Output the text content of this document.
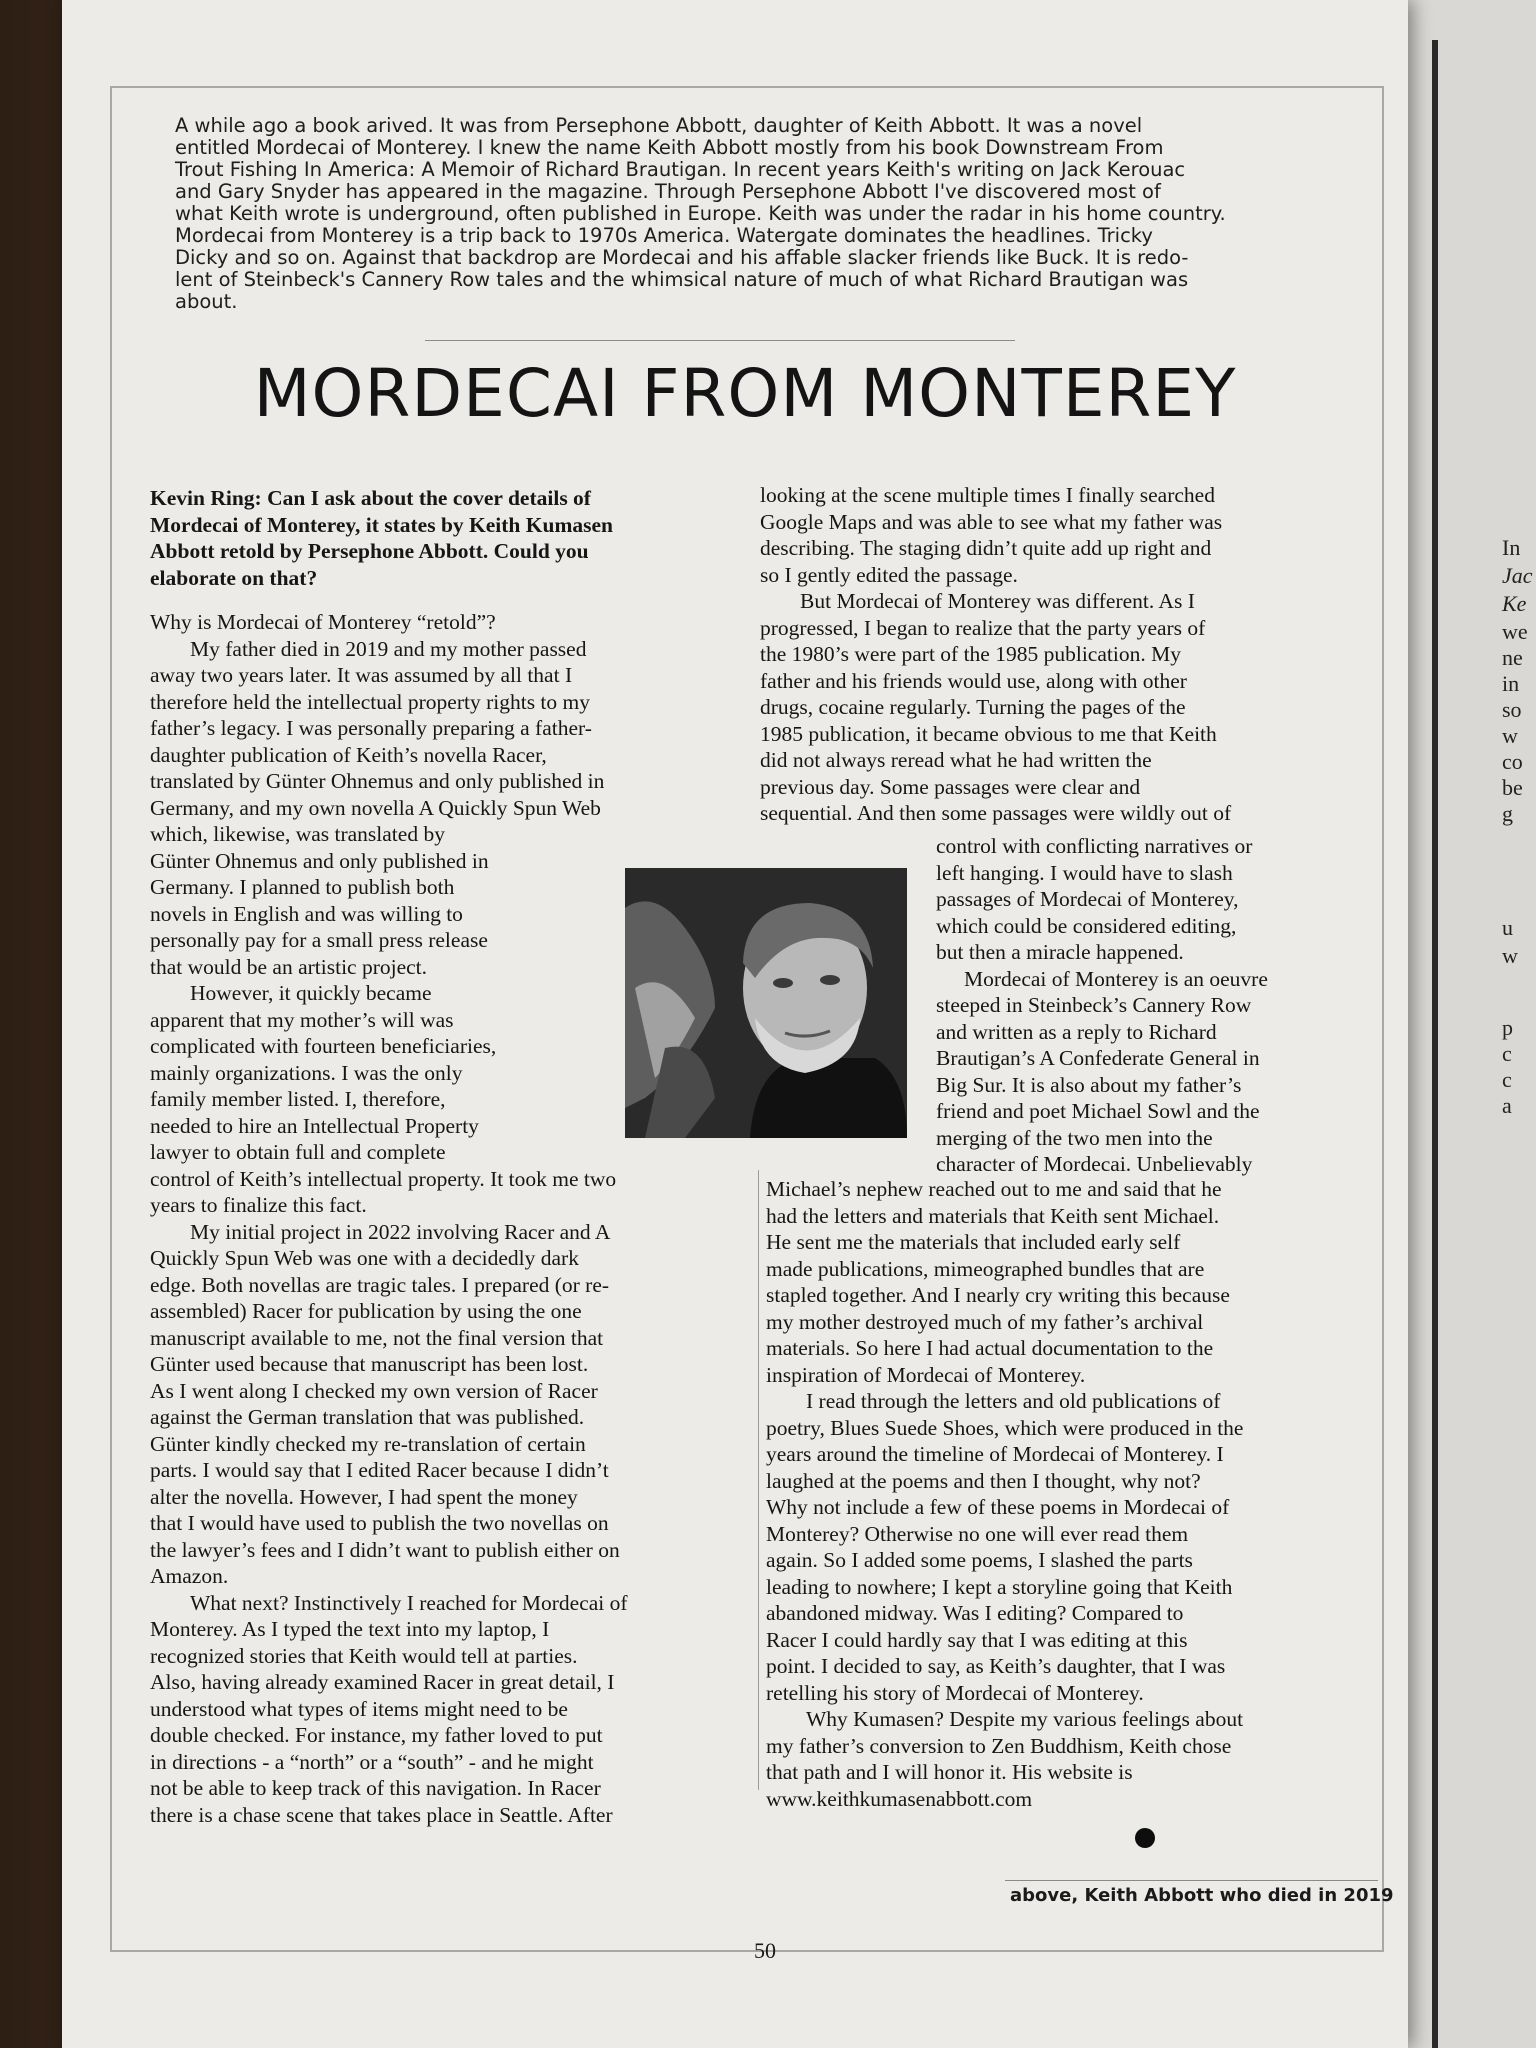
In
Jac
Ke
we
ne
in
so
w
co
be
g
u
w
p
c
c
a
A while ago a book arived. It was from Persephone Abbott, daughter of Keith Abbott. It was a novel
entitled Mordecai of Monterey. I knew the name Keith Abbott mostly from his book Downstream From
Trout Fishing In America: A Memoir of Richard Brautigan. In recent years Keith's writing on Jack Kerouac
and Gary Snyder has appeared in the magazine. Through Persephone Abbott I've discovered most of
what Keith wrote is underground, often published in Europe. Keith was under the radar in his home country.
Mordecai from Monterey is a trip back to 1970s America. Watergate dominates the headlines. Tricky
Dicky and so on. Against that backdrop are Mordecai and his affable slacker friends like Buck. It is redo-
lent of Steinbeck's Cannery Row tales and the whimsical nature of much of what Richard Brautigan was
about.
MORDECAI FROM MONTEREY
Kevin Ring: Can I ask about the cover details of
Mordecai of Monterey, it states by Keith Kumasen
Abbott retold by Persephone Abbott. Could you
elaborate on that?
Why is Mordecai of Monterey “retold”?
My father died in 2019 and my mother passed
away two years later. It was assumed by all that I
therefore held the intellectual property rights to my
father’s legacy. I was personally preparing a father-
daughter publication of Keith’s novella Racer,
translated by Günter Ohnemus and only published in
Germany, and my own novella A Quickly Spun Web
which, likewise, was translated by
Günter Ohnemus and only published in
Germany. I planned to publish both
novels in English and was willing to
personally pay for a small press release
that would be an artistic project.
However, it quickly became
apparent that my mother’s will was
complicated with fourteen beneficiaries,
mainly organizations. I was the only
family member listed. I, therefore,
needed to hire an Intellectual Property
lawyer to obtain full and complete
control of Keith’s intellectual property. It took me two
years to finalize this fact.
My initial project in 2022 involving Racer and A
Quickly Spun Web was one with a decidedly dark
edge. Both novellas are tragic tales. I prepared (or re-
assembled) Racer for publication by using the one
manuscript available to me, not the final version that
Günter used because that manuscript has been lost.
As I went along I checked my own version of Racer
against the German translation that was published.
Günter kindly checked my re-translation of certain
parts. I would say that I edited Racer because I didn’t
alter the novella. However, I had spent the money
that I would have used to publish the two novellas on
the lawyer’s fees and I didn’t want to publish either on
Amazon.
What next? Instinctively I reached for Mordecai of
Monterey. As I typed the text into my laptop, I
recognized stories that Keith would tell at parties.
Also, having already examined Racer in great detail, I
understood what types of items might need to be
double checked. For instance, my father loved to put
in directions - a “north” or a “south” - and he might
not be able to keep track of this navigation. In Racer
there is a chase scene that takes place in Seattle. After
looking at the scene multiple times I finally searched
Google Maps and was able to see what my father was
describing. The staging didn’t quite add up right and
so I gently edited the passage.
But Mordecai of Monterey was different. As I
progressed, I began to realize that the party years of
the 1980’s were part of the 1985 publication. My
father and his friends would use, along with other
drugs, cocaine regularly. Turning the pages of the
1985 publication, it became obvious to me that Keith
did not always reread what he had written the
previous day. Some passages were clear and
sequential. And then some passages were wildly out of
control with conflicting narratives or
left hanging. I would have to slash
passages of Mordecai of Monterey,
which could be considered editing,
but then a miracle happened.
Mordecai of Monterey is an oeuvre
steeped in Steinbeck’s Cannery Row
and written as a reply to Richard
Brautigan’s A Confederate General in
Big Sur. It is also about my father’s
friend and poet Michael Sowl and the
merging of the two men into the
character of Mordecai. Unbelievably
Michael’s nephew reached out to me and said that he
had the letters and materials that Keith sent Michael.
He sent me the materials that included early self
made publications, mimeographed bundles that are
stapled together. And I nearly cry writing this because
my mother destroyed much of my father’s archival
materials. So here I had actual documentation to the
inspiration of Mordecai of Monterey.
I read through the letters and old publications of
poetry, Blues Suede Shoes, which were produced in the
years around the timeline of Mordecai of Monterey. I
laughed at the poems and then I thought, why not?
Why not include a few of these poems in Mordecai of
Monterey? Otherwise no one will ever read them
again. So I added some poems, I slashed the parts
leading to nowhere; I kept a storyline going that Keith
abandoned midway. Was I editing? Compared to
Racer I could hardly say that I was editing at this
point. I decided to say, as Keith’s daughter, that I was
retelling his story of Mordecai of Monterey.
Why Kumasen? Despite my various feelings about
my father’s conversion to Zen Buddhism, Keith chose
that path and I will honor it. His website is
www.keithkumasenabbott.com
above, Keith Abbott who died in 2019
50
